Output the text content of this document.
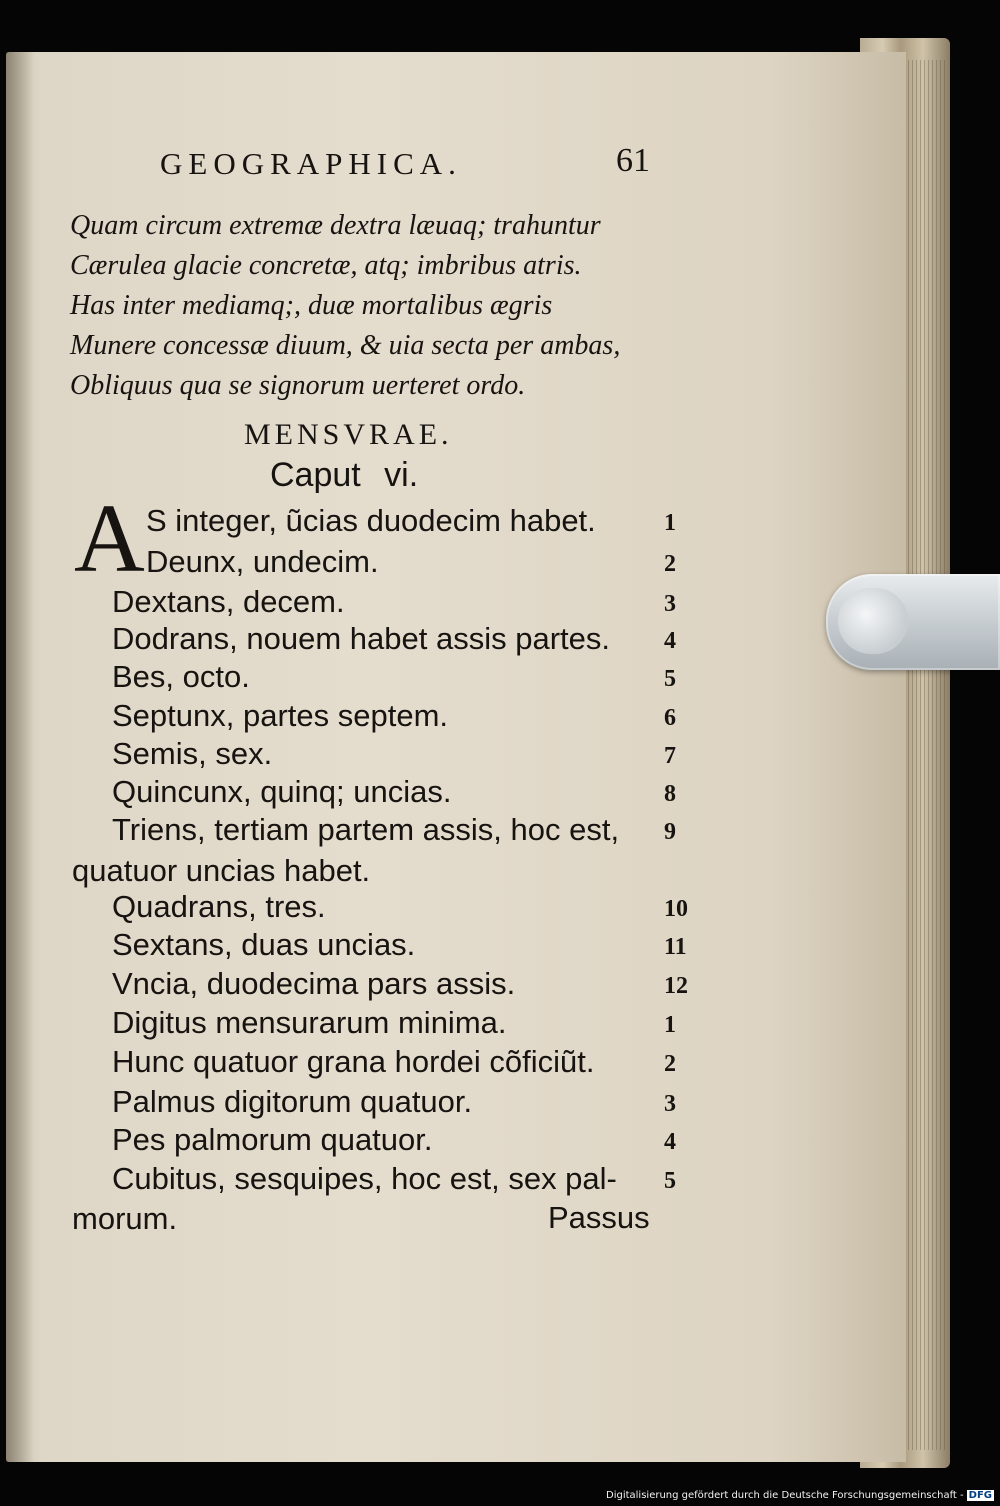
GEOGRAPHICA.	61
Quam circum extremæ dextra læuaq; trahuntur
Cærulea glacie concretæ, atq; imbribus atris.
Has inter mediamq;, duæ mortalibus ægris
Munere concessæ diuum, & uia secta per ambas,
Obliquus qua se signorum uerteret ordo.
MENSVRAE.
Caput vi.
A S integer, ũcias duodecim habet.	1
Deunx, undecim.	2
Dextans, decem.	3
Dodrans, nouem habet assis partes. 4
Bes, octo.	5
Septunx, partes septem.	6
Semis, sex.	7
Quincunx, quinq; uncias.	8
Triens, tertiam partem assis, hoc est, 9
quatuor uncias habet.
Quadrans, tres.	10
Sextans, duas uncias.	11
Vncia, duodecima pars assis.	12
Digitus mensurarum minima.	1
Hunc quatuor grana hordei cõficiũt.	2
Palmus digitorum quatuor.	3
Pes palmorum quatuor.	4
Cubitus, sesquipes, hoc est, sex pal- 5
morum.	Passus
Digitalisierung gefördert durch die Deutsche Forschungsgemeinschaft - DFG
